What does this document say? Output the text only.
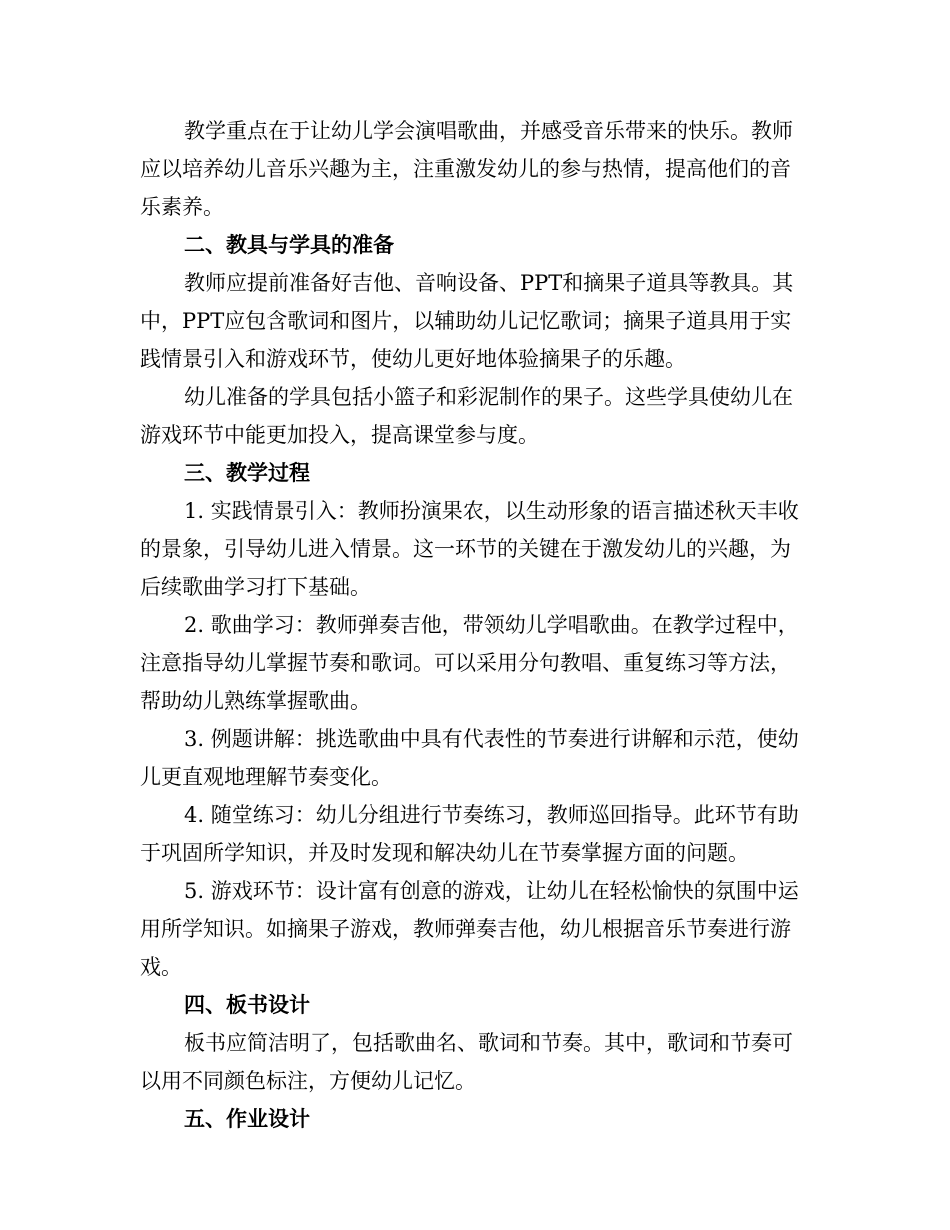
教学重点在于让幼儿学会演唱歌曲，并感受音乐带来的快乐。教师应以培养幼儿音乐兴趣为主，注重激发幼儿的参与热情，提高他们的音乐素养。

二、教具与学具的准备

教师应提前准备好吉他、音响设备、PPT和摘果子道具等教具。其中，PPT应包含歌词和图片，以辅助幼儿记忆歌词；摘果子道具用于实践情景引入和游戏环节，使幼儿更好地体验摘果子的乐趣。

幼儿准备的学具包括小篮子和彩泥制作的果子。这些学具使幼儿在游戏环节中能更加投入，提高课堂参与度。

三、教学过程

1. 实践情景引入：教师扮演果农，以生动形象的语言描述秋天丰收的景象，引导幼儿进入情景。这一环节的关键在于激发幼儿的兴趣，为后续歌曲学习打下基础。

2. 歌曲学习：教师弹奏吉他，带领幼儿学唱歌曲。在教学过程中，注意指导幼儿掌握节奏和歌词。可以采用分句教唱、重复练习等方法，帮助幼儿熟练掌握歌曲。

3. 例题讲解：挑选歌曲中具有代表性的节奏进行讲解和示范，使幼儿更直观地理解节奏变化。

4. 随堂练习：幼儿分组进行节奏练习，教师巡回指导。此环节有助于巩固所学知识，并及时发现和解决幼儿在节奏掌握方面的问题。

5. 游戏环节：设计富有创意的游戏，让幼儿在轻松愉快的氛围中运用所学知识。如摘果子游戏，教师弹奏吉他，幼儿根据音乐节奏进行游戏。

四、板书设计

板书应简洁明了，包括歌曲名、歌词和节奏。其中，歌词和节奏可以用不同颜色标注，方便幼儿记忆。

五、作业设计
